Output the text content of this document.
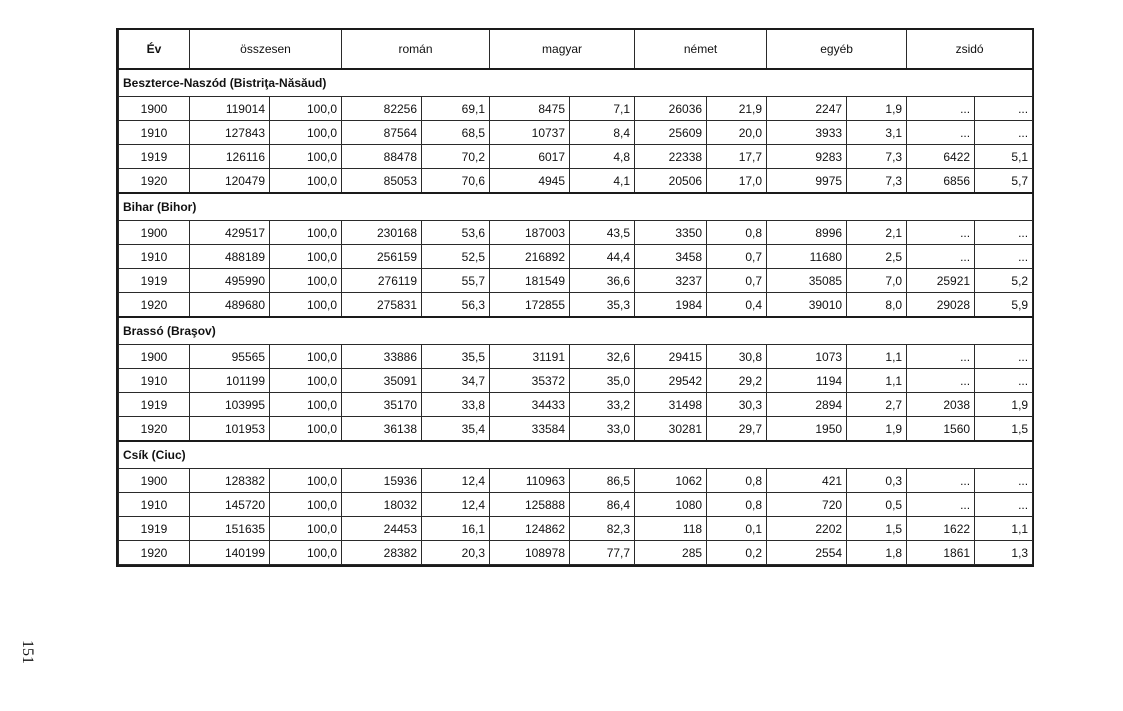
Év	összesen		román		magyar		német		egyéb		zsidó	
Beszterce-Naszód (Bistriţa-Năsăud)												
1900	119014	100,0	82256	69,1	8475	7,1	26036	21,9	2247	1,9	...	...
1910	127843	100,0	87564	68,5	10737	8,4	25609	20,0	3933	3,1	...	...
1919	126116	100,0	88478	70,2	6017	4,8	22338	17,7	9283	7,3	6422	5,1
1920	120479	100,0	85053	70,6	4945	4,1	20506	17,0	9975	7,3	6856	5,7
Bihar (Bihor)												
1900	429517	100,0	230168	53,6	187003	43,5	3350	0,8	8996	2,1	...	...
1910	488189	100,0	256159	52,5	216892	44,4	3458	0,7	11680	2,5	...	...
1919	495990	100,0	276119	55,7	181549	36,6	3237	0,7	35085	7,0	25921	5,2
1920	489680	100,0	275831	56,3	172855	35,3	1984	0,4	39010	8,0	29028	5,9
Brassó (Braşov)												
1900	95565	100,0	33886	35,5	31191	32,6	29415	30,8	1073	1,1	...	...
1910	101199	100,0	35091	34,7	35372	35,0	29542	29,2	1194	1,1	...	...
1919	103995	100,0	35170	33,8	34433	33,2	31498	30,3	2894	2,7	2038	1,9
1920	101953	100,0	36138	35,4	33584	33,0	30281	29,7	1950	1,9	1560	1,5
Csík (Ciuc)												
1900	128382	100,0	15936	12,4	110963	86,5	1062	0,8	421	0,3	...	...
1910	145720	100,0	18032	12,4	125888	86,4	1080	0,8	720	0,5	...	...
1919	151635	100,0	24453	16,1	124862	82,3	118	0,1	2202	1,5	1622	1,1
1920	140199	100,0	28382	20,3	108978	77,7	285	0,2	2554	1,8	1861	1,3
151
